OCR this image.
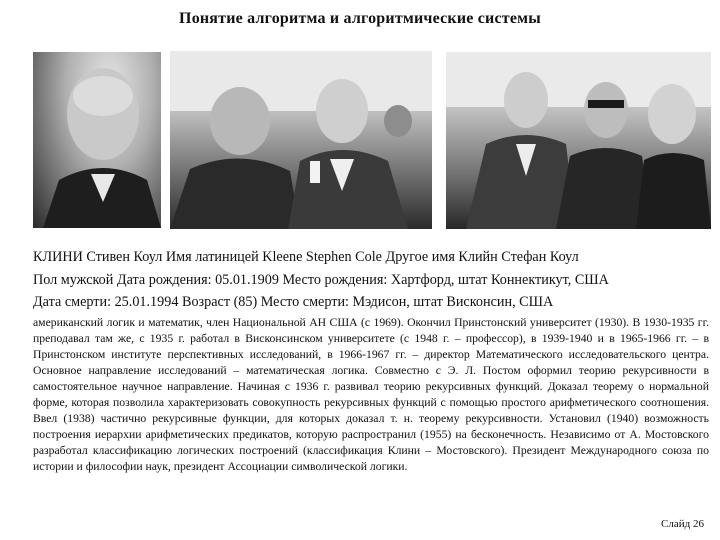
Понятие алгоритма и алгоритмические системы
КЛИНИ Стивен Коул Имя латиницей Kleene Stephen Cole Другое имя Клийн Стефан Коул
Пол мужской Дата рождения: 05.01.1909 Место рождения: Хартфорд, штат Коннектикут, США
Дата смерти: 25.01.1994 Возраст (85) Место смерти: Мэдисон, штат Висконсин, США
американский логик и математик, член Национальной АН США (с 1969). Окончил Принстонский университет (1930). В 1930-1935 гг. преподавал там же, с 1935 г. работал в Висконсинском университете (с 1948 г. – профессор), в 1939-1940 и в 1965-1966 гг. – в Принстонском институте перспективных исследований, в 1966-1967 гг. – директор Математического исследовательского центра. Основное направление исследований – математическая логика. Совместно с Э. Л. Постом оформил теорию рекурсивности в самостоятельное научное направление. Начиная с 1936 г. развивал теорию рекурсивных функций. Доказал теорему о нормальной форме, которая позволила характеризовать совокупность рекурсивных функций с помощью простого арифметического соотношения. Ввел (1938) частично рекурсивные функции, для которых доказал т. н. теорему рекурсивности. Установил (1940) возможность построения иерархии арифметических предикатов, которую распространил (1955) на бесконечность. Независимо от А. Мостовского разработал классификацию логических построений (классификация Клини – Мостовского). Президент Международного союза по истории и философии наук, президент Ассоциации символической логики.
Слайд 26
